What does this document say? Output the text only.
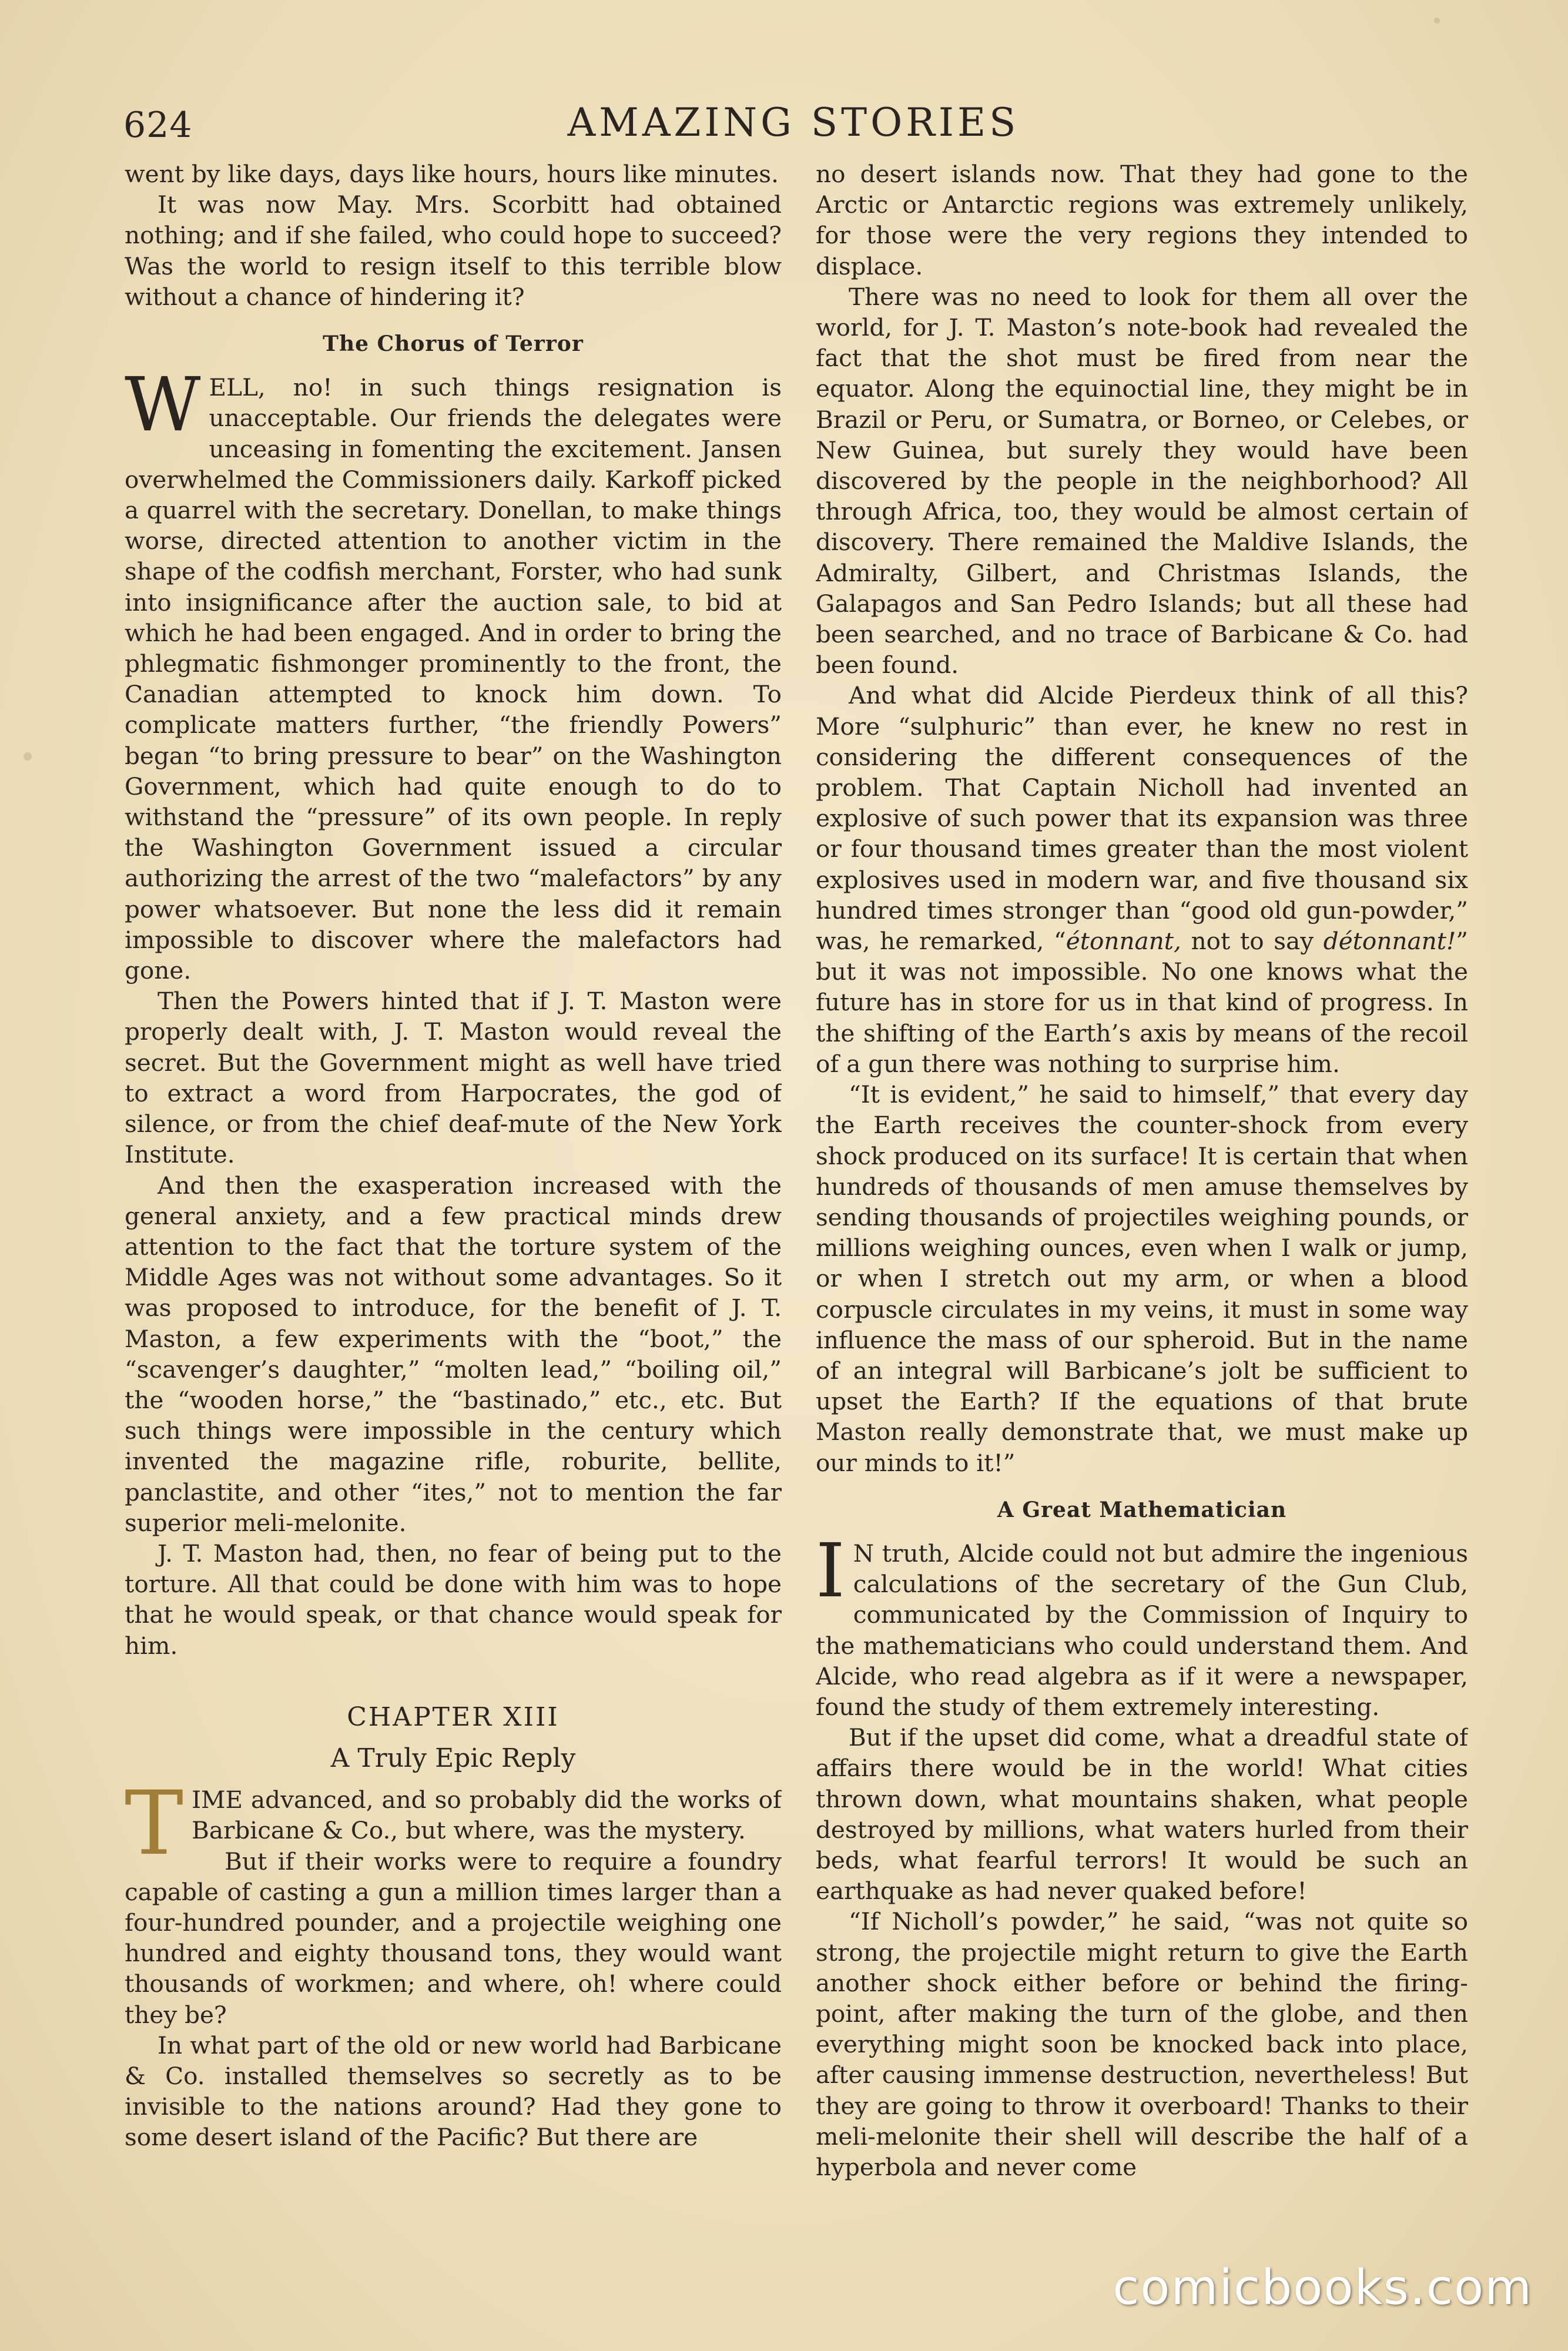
624	AMAZING STORIES

went by like days, days like hours, hours like minutes.

It was now May. Mrs. Scorbitt had obtained nothing; and if she failed, who could hope to succeed? Was the world to resign itself to this terrible blow without a chance of hindering it?

The Chorus of Terror

WELL, no! in such things resignation is unacceptable. Our friends the delegates were unceasing in fomenting the excitement. Jansen overwhelmed the Commissioners daily. Karkoff picked a quarrel with the secretary. Donellan, to make things worse, directed attention to another victim in the shape of the codfish merchant, Forster, who had sunk into insignificance after the auction sale, to bid at which he had been engaged. And in order to bring the phlegmatic fishmonger prominently to the front, the Canadian attempted to knock him down. To complicate matters further, “the friendly Powers” began “to bring pressure to bear” on the Washington Government, which had quite enough to do to withstand the “pressure” of its own people. In reply the Washington Government issued a circular authorizing the arrest of the two “malefactors” by any power whatsoever. But none the less did it remain impossible to discover where the malefactors had gone.

Then the Powers hinted that if J. T. Maston were properly dealt with, J. T. Maston would reveal the secret. But the Government might as well have tried to extract a word from Harpocrates, the god of silence, or from the chief deaf-mute of the New York Institute.

And then the exasperation increased with the general anxiety, and a few practical minds drew attention to the fact that the torture system of the Middle Ages was not without some advantages. So it was proposed to introduce, for the benefit of J. T. Maston, a few experiments with the “boot,” the “scavenger’s daughter,” “molten lead,” “boiling oil,” the “wooden horse,” the “bastinado,” etc., etc. But such things were impossible in the century which invented the magazine rifle, roburite, bellite, panclastite, and other “ites,” not to mention the far superior meli-melonite.

J. T. Maston had, then, no fear of being put to the torture. All that could be done with him was to hope that he would speak, or that chance would speak for him.

CHAPTER XIII
A Truly Epic Reply

TIME advanced, and so probably did the works of Barbicane & Co., but where, was the mystery.

But if their works were to require a foundry capable of casting a gun a million times larger than a four-hundred pounder, and a projectile weighing one hundred and eighty thousand tons, they would want thousands of workmen; and where, oh! where could they be?

In what part of the old or new world had Barbicane & Co. installed themselves so secretly as to be invisible to the nations around? Had they gone to some desert island of the Pacific? But there are

no desert islands now. That they had gone to the Arctic or Antarctic regions was extremely unlikely, for those were the very regions they intended to displace.

There was no need to look for them all over the world, for J. T. Maston’s note-book had revealed the fact that the shot must be fired from near the equator. Along the equinoctial line, they might be in Brazil or Peru, or Sumatra, or Borneo, or Celebes, or New Guinea, but surely they would have been discovered by the people in the neighborhood? All through Africa, too, they would be almost certain of discovery. There remained the Maldive Islands, the Admiralty, Gilbert, and Christmas Islands, the Galapagos and San Pedro Islands; but all these had been searched, and no trace of Barbicane & Co. had been found.

And what did Alcide Pierdeux think of all this? More “sulphuric” than ever, he knew no rest in considering the different consequences of the problem. That Captain Nicholl had invented an explosive of such power that its expansion was three or four thousand times greater than the most violent explosives used in modern war, and five thousand six hundred times stronger than “good old gun-powder,” was, he remarked, “étonnant, not to say détonnant!” but it was not impossible. No one knows what the future has in store for us in that kind of progress. In the shifting of the Earth’s axis by means of the recoil of a gun there was nothing to surprise him.

“It is evident,” he said to himself,” that every day the Earth receives the counter-shock from every shock produced on its surface! It is certain that when hundreds of thousands of men amuse themselves by sending thousands of projectiles weighing pounds, or millions weighing ounces, even when I walk or jump, or when I stretch out my arm, or when a blood corpuscle circulates in my veins, it must in some way influence the mass of our spheroid. But in the name of an integral will Barbicane’s jolt be sufficient to upset the Earth? If the equations of that brute Maston really demonstrate that, we must make up our minds to it!”

A Great Mathematician

I N truth, Alcide could not but admire the ingenious calculations of the secretary of the Gun Club, communicated by the Commission of Inquiry to the mathematicians who could understand them. And Alcide, who read algebra as if it were a newspaper, found the study of them extremely interesting.

But if the upset did come, what a dreadful state of affairs there would be in the world! What cities thrown down, what mountains shaken, what people destroyed by millions, what waters hurled from their beds, what fearful terrors! It would be such an earthquake as had never quaked before!

“If Nicholl’s powder,” he said, “was not quite so strong, the projectile might return to give the Earth another shock either before or behind the firing-point, after making the turn of the globe, and then everything might soon be knocked back into place, after causing immense destruction, nevertheless! But they are going to throw it overboard! Thanks to their meli-melonite their shell will describe the half of a hyperbola and never come

comicbooks.com
